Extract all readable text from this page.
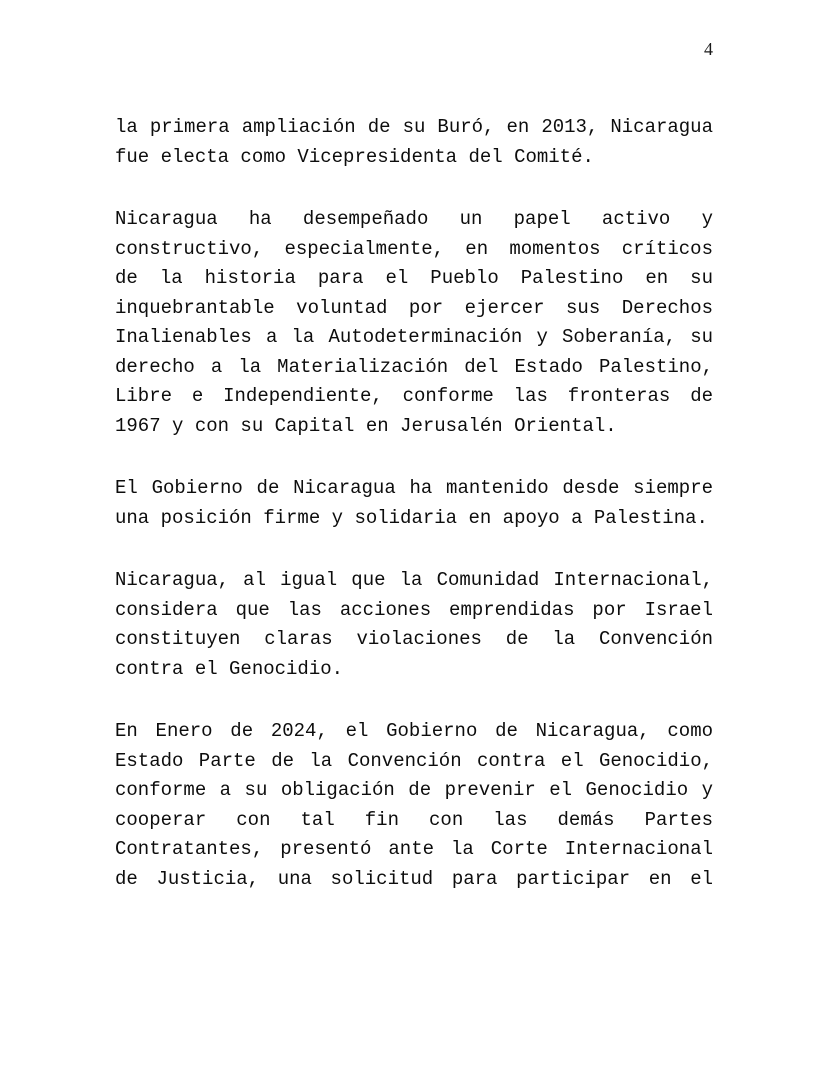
4
la primera ampliación de su Buró, en 2013, Nicaragua
fue electa como Vicepresidenta del Comité.
Nicaragua ha desempeñado un papel activo y
constructivo, especialmente, en momentos críticos
de la historia para el Pueblo Palestino en su
inquebrantable voluntad por ejercer sus Derechos
Inalienables a la Autodeterminación y Soberanía, su
derecho a la Materialización del Estado Palestino,
Libre e Independiente, conforme las fronteras de
1967 y con su Capital en Jerusalén Oriental.
El Gobierno de Nicaragua ha mantenido desde siempre
una posición firme y solidaria en apoyo a Palestina.
Nicaragua, al igual que la Comunidad Internacional,
considera que las acciones emprendidas por Israel
constituyen claras violaciones de la Convención
contra el Genocidio.
En Enero de 2024, el Gobierno de Nicaragua, como
Estado Parte de la Convención contra el Genocidio,
conforme a su obligación de prevenir el Genocidio y
cooperar con tal fin con las demás Partes
Contratantes, presentó ante la Corte Internacional
de Justicia, una solicitud para participar en el
